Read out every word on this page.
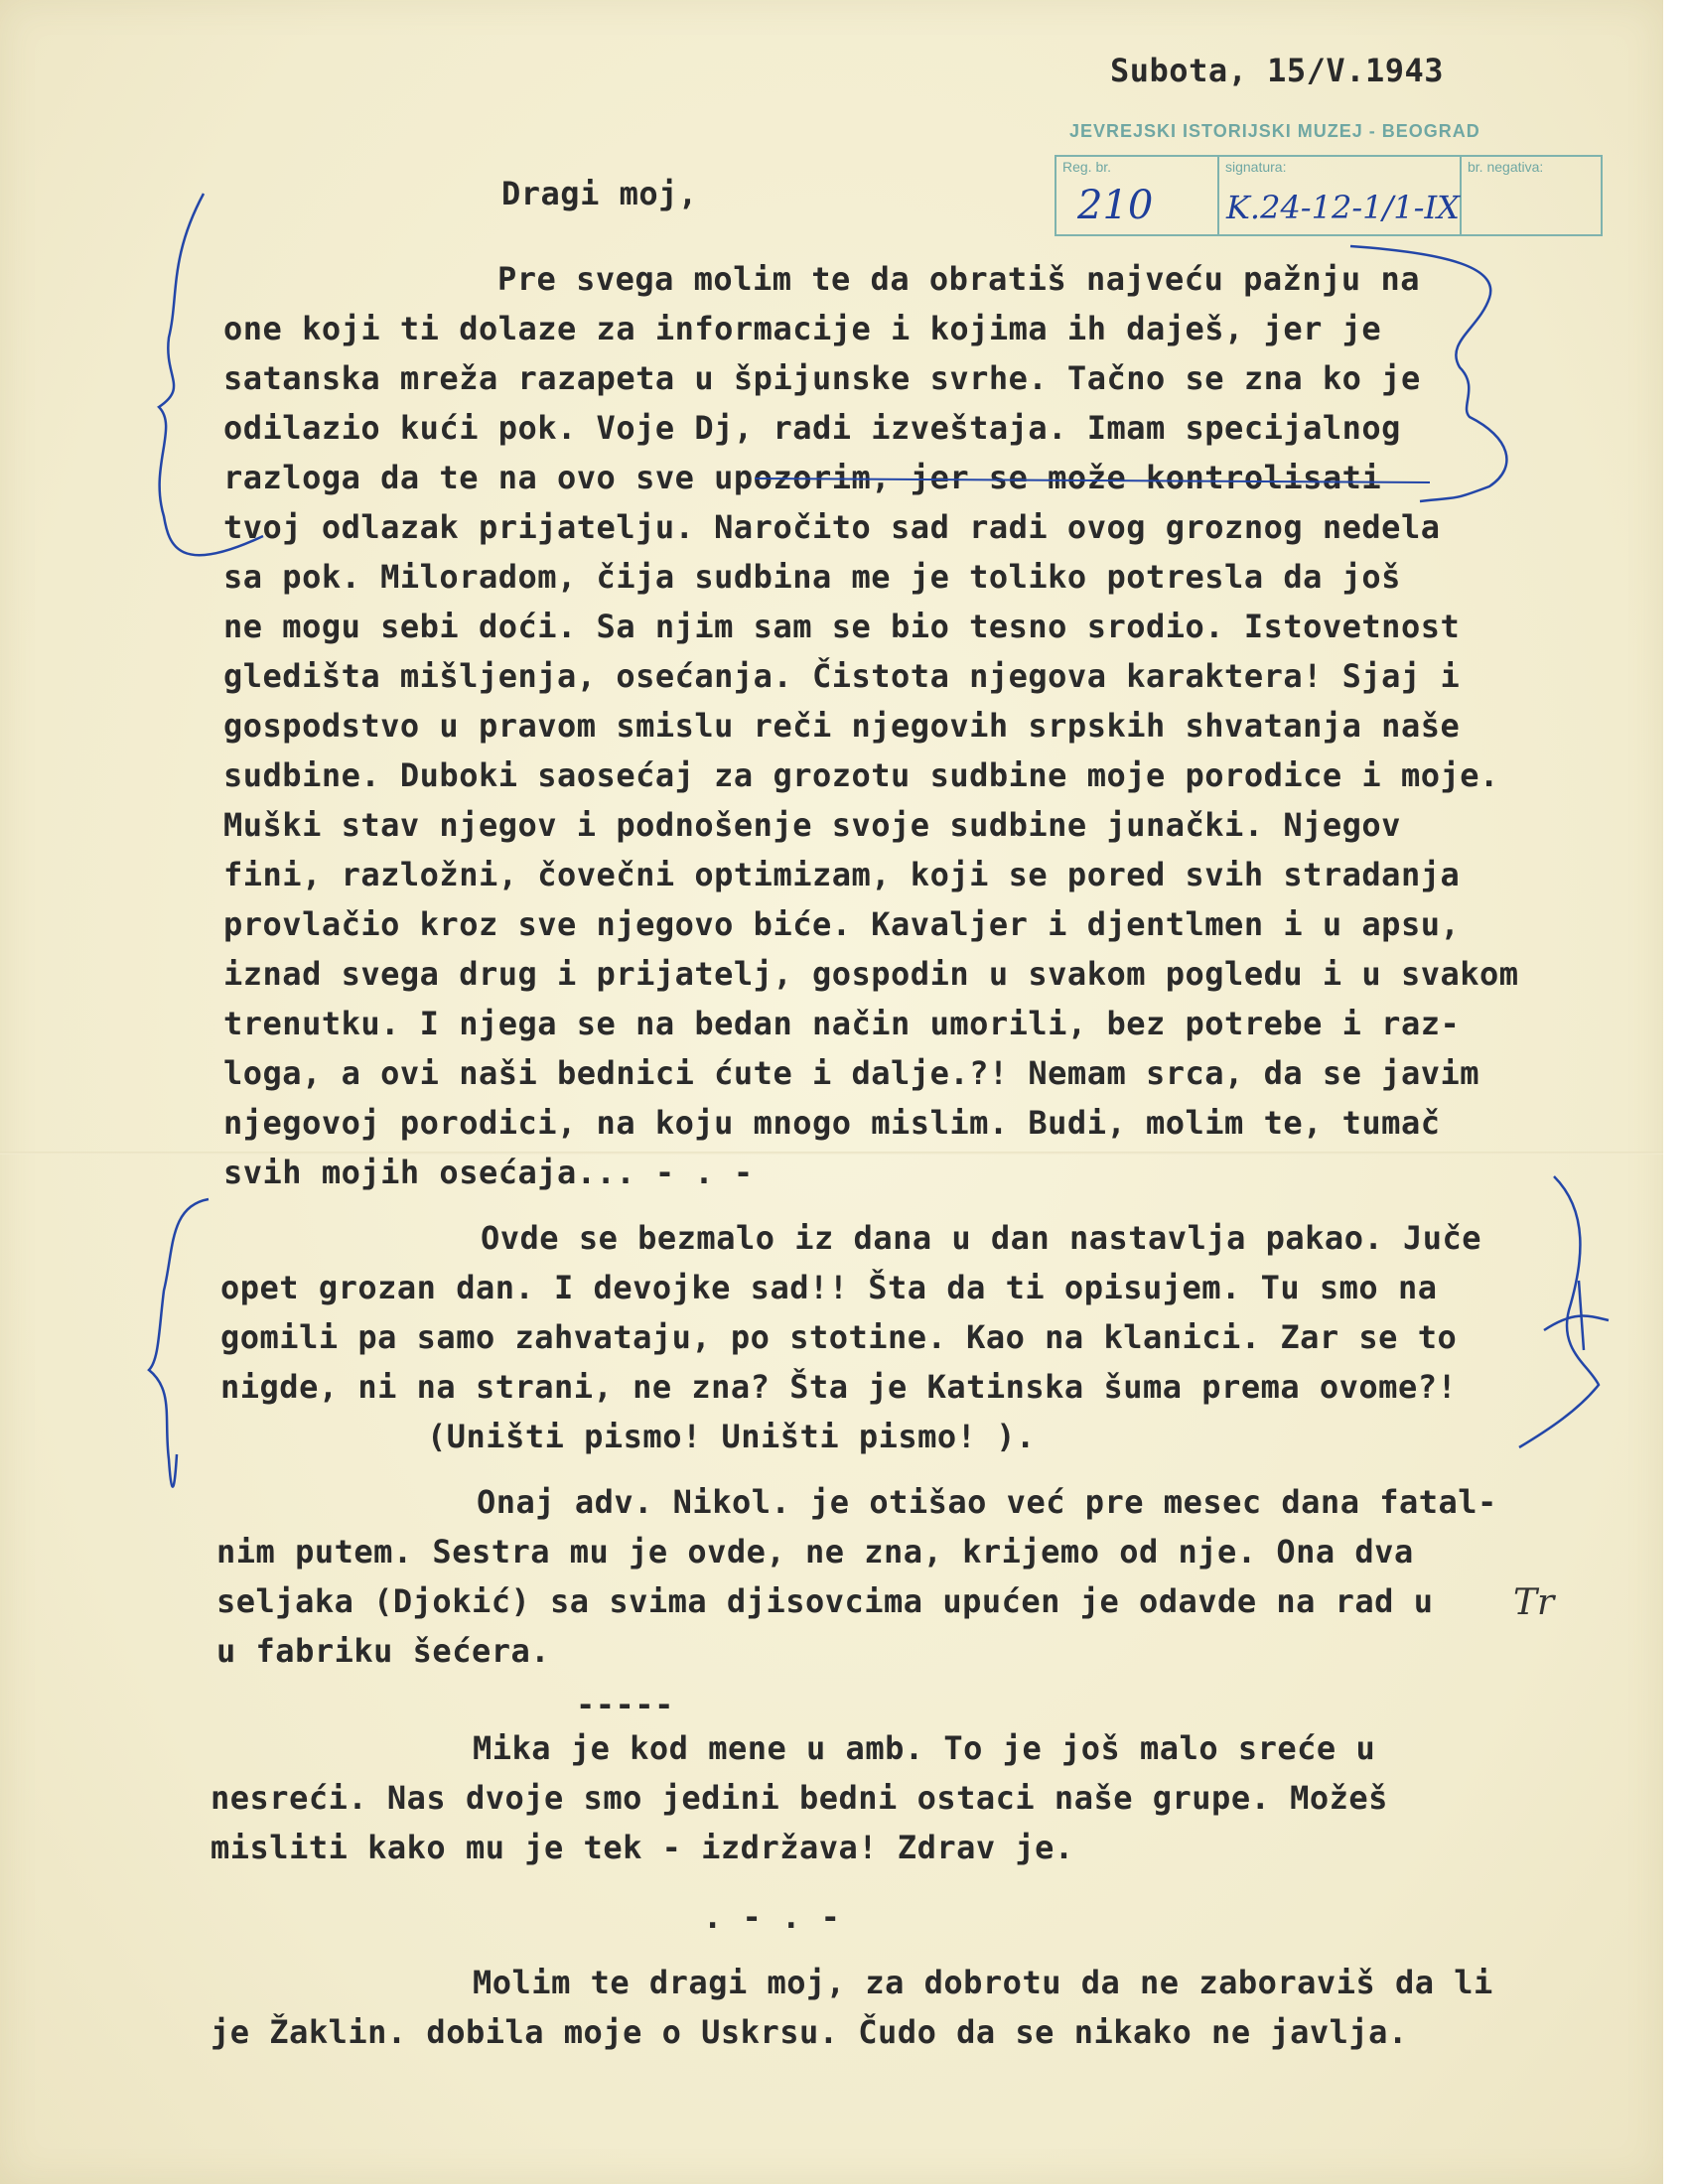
JEVREJSKI ISTORIJSKI MUZEJ - BEOGRAD
Reg. br.	signatura:	br. negativa:
210 K.24-12-1/1-IX
Subota, 15/V.1943
Dragi moj,

Pre svega molim te da obratiš najveću pažnju na

one koji ti dolaze za informacije i kojima ih daješ, jer je

satanska mreža razapeta u špijunske svrhe. Tačno se zna ko je

odilazio kući pok. Voje Dj, radi izveštaja. Imam specijalnog

razloga da te na ovo sve upozorim, jer se može kontrolisati

tvoj odlazak prijatelju. Naročito sad radi ovog groznog nedela

sa pok. Miloradom, čija sudbina me je toliko potresla da još

ne mogu sebi doći. Sa njim sam se bio tesno srodio. Istovetnost

gledišta mišljenja, osećanja. Čistota njegova karaktera! Sjaj i

gospodstvo u pravom smislu reči njegovih srpskih shvatanja naše

sudbine. Duboki saosećaj za grozotu sudbine moje porodice i moje.

Muški stav njegov i podnošenje svoje sudbine junački. Njegov

fini, razložni, čovečni optimizam, koji se pored svih stradanja

provlačio kroz sve njegovo biće. Kavaljer i djentlmen i u apsu,

iznad svega drug i prijatelj, gospodin u svakom pogledu i u svakom

trenutku. I njega se na bedan način umorili, bez potrebe i raz-

loga, a ovi naši bednici ćute i dalje.?! Nemam srca, da se javim

njegovoj porodici, na koju mnogo mislim. Budi, molim te, tumač

svih mojih osećaja... - . -

Ovde se bezmalo iz dana u dan nastavlja pakao. Juče

opet grozan dan. I devojke sad!! Šta da ti opisujem. Tu smo na

gomili pa samo zahvataju, po stotine. Kao na klanici. Zar se to

nigde, ni na strani, ne zna? Šta je Katinska šuma prema ovome?!

(Uništi pismo! Uništi pismo! ).

Onaj adv. Nikol. je otišao već pre mesec dana fatal-

nim putem. Sestra mu je ovde, ne zna, krijemo od nje. Ona dva

seljaka (Djokić) sa svima djisovcima upućen je odavde na rad u

u fabriku šećera.

-----

Mika je kod mene u amb. To je još malo sreće u

nesreći. Nas dvoje smo jedini bedni ostaci naše grupe. Možeš

misliti kako mu je tek - izdržava! Zdrav je.

. - . -

Molim te dragi moj, za dobrotu da ne zaboraviš da li

je Žaklin. dobila moje o Uskrsu. Čudo da se nikako ne javlja.

Tr
